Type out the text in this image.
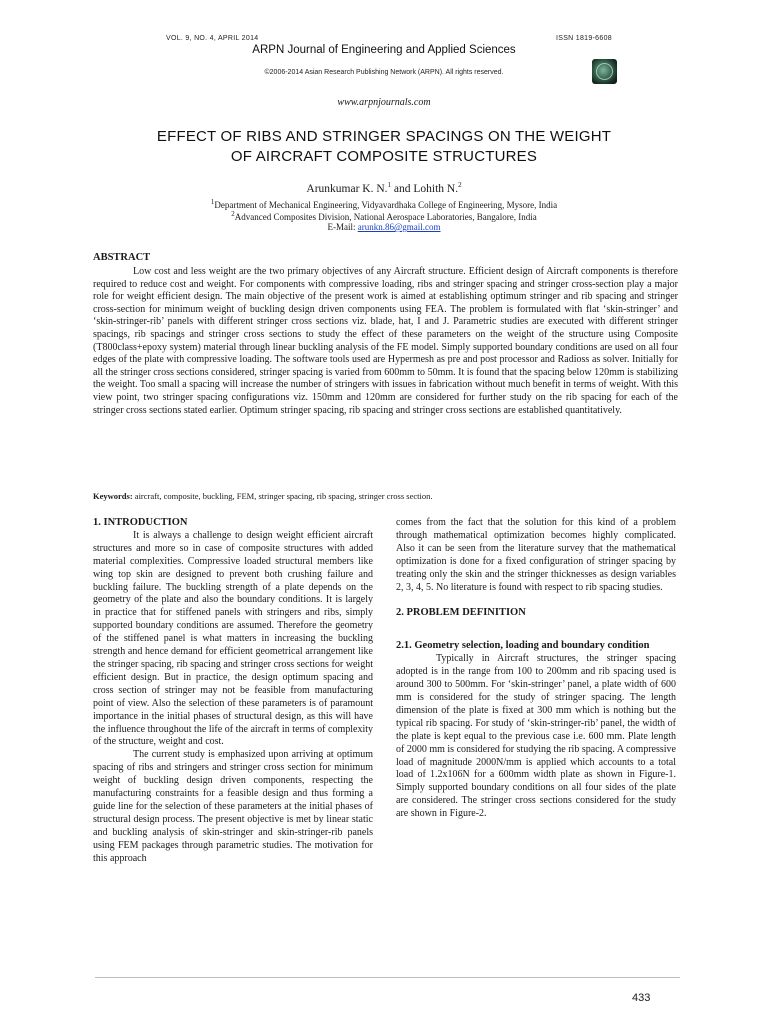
VOL. 9, NO. 4, APRIL 2014	ISSN 1819-6608
ARPN Journal of Engineering and Applied Sciences
©2006-2014 Asian Research Publishing Network (ARPN). All rights reserved.
www.arpnjournals.com
EFFECT OF RIBS AND STRINGER SPACINGS ON THE WEIGHT
OF AIRCRAFT COMPOSITE STRUCTURES
Arunkumar K. N.$^1$ and Lohith N.$^2$
$^1$Department of Mechanical Engineering, Vidyavardhaka College of Engineering, Mysore, India
$^2$Advanced Composites Division, National Aerospace Laboratories, Bangalore, India
E-Mail: arunkn.86@gmail.com
ABSTRACT
Low cost and less weight are the two primary objectives of any Aircraft structure. Efficient design of Aircraft components is therefore required to reduce cost and weight. For components with compressive loading, ribs and stringer spacing and stringer cross-section play a major role for weight efficient design. The main objective of the present work is aimed at establishing optimum stringer and rib spacing and stringer cross-section for minimum weight of buckling design driven components using FEA. The problem is formulated with flat ‘skin-stringer’ and ‘skin-stringer-rib’ panels with different stringer cross sections viz. blade, hat, I and J. Parametric studies are executed with different stringer spacings, rib spacings and stringer cross sections to study the effect of these parameters on the weight of the structure using Composite (T800class+epoxy system) material through linear buckling analysis of the FE model. Simply supported boundary conditions are used on all four edges of the plate with compressive loading. The software tools used are Hypermesh as pre and post processor and Radioss as solver. Initially for all the stringer cross sections considered, stringer spacing is varied from 600mm to 50mm. It is found that the spacing below 120mm is stabilizing the weight. Too small a spacing will increase the number of stringers with issues in fabrication without much benefit in terms of weight. With this view point, two stringer spacing configurations viz. 150mm and 120mm are considered for further study on the rib spacing for each of the stringer cross sections stated earlier. Optimum stringer spacing, rib spacing and stringer cross sections are established quantitatively.
Keywords: aircraft, composite, buckling, FEM, stringer spacing, rib spacing, stringer cross section.
1. INTRODUCTION

It is always a challenge to design weight efficient aircraft structures and more so in case of composite structures with added material complexities. Compressive loaded structural members like wing top skin are designed to prevent both crushing failure and buckling failure. The buckling strength of a plate depends on the geometry of the plate and also the boundary conditions. It is largely in practice that for stiffened panels with stringers and ribs, simply supported boundary conditions are assumed. Therefore the geometry of the stiffened panel is what matters in increasing the buckling strength and hence demand for efficient geometrical arrangement like the stringer spacing, rib spacing and stringer cross sections for weight efficient design. But in practice, the design optimum spacing and cross section of stringer may not be feasible from manufacturing point of view. Also the selection of these parameters is of paramount importance in the initial phases of structural design, as this will have the influence throughout the life of the aircraft in terms of complexity of the structure, weight and cost.

The current study is emphasized upon arriving at optimum spacing of ribs and stringers and stringer cross section for minimum weight of buckling design driven components, respecting the manufacturing constraints for a feasible design and thus forming a guide line for the selection of these parameters at the initial phases of structural design process. The present objective is met by linear static and buckling analysis of skin-stringer and skin-stringer-rib panels using FEM packages through parametric studies. The motivation for this approach

comes from the fact that the solution for this kind of a problem through mathematical optimization becomes highly complicated. Also it can be seen from the literature survey that the mathematical optimization is done for a fixed configuration of stringer spacing by treating only the skin and the stringer thicknesses as design variables 2, 3, 4, 5. No literature is found with respect to rib spacing studies.

2. PROBLEM DEFINITION
2.1. Geometry selection, loading and boundary condition

Typically in Aircraft structures, the stringer spacing adopted is in the range from 100 to 200mm and rib spacing used is around 300 to 500mm. For ‘skin-stringer’ panel, a plate width of 600 mm is considered for the study of stringer spacing. The length dimension of the plate is fixed at 300 mm which is nothing but the typical rib spacing. For study of ‘skin-stringer-rib’ panel, the width of the plate is kept equal to the previous case i.e. 600 mm. Plate length of 2000 mm is considered for studying the rib spacing. A compressive load of magnitude 2000N/mm is applied which accounts to a total load of 1.2x106N for a 600mm width plate as shown in Figure-1. Simply supported boundary conditions on all four sides of the plate are considered. The stringer cross sections considered for the study are shown in Figure-2.

433
